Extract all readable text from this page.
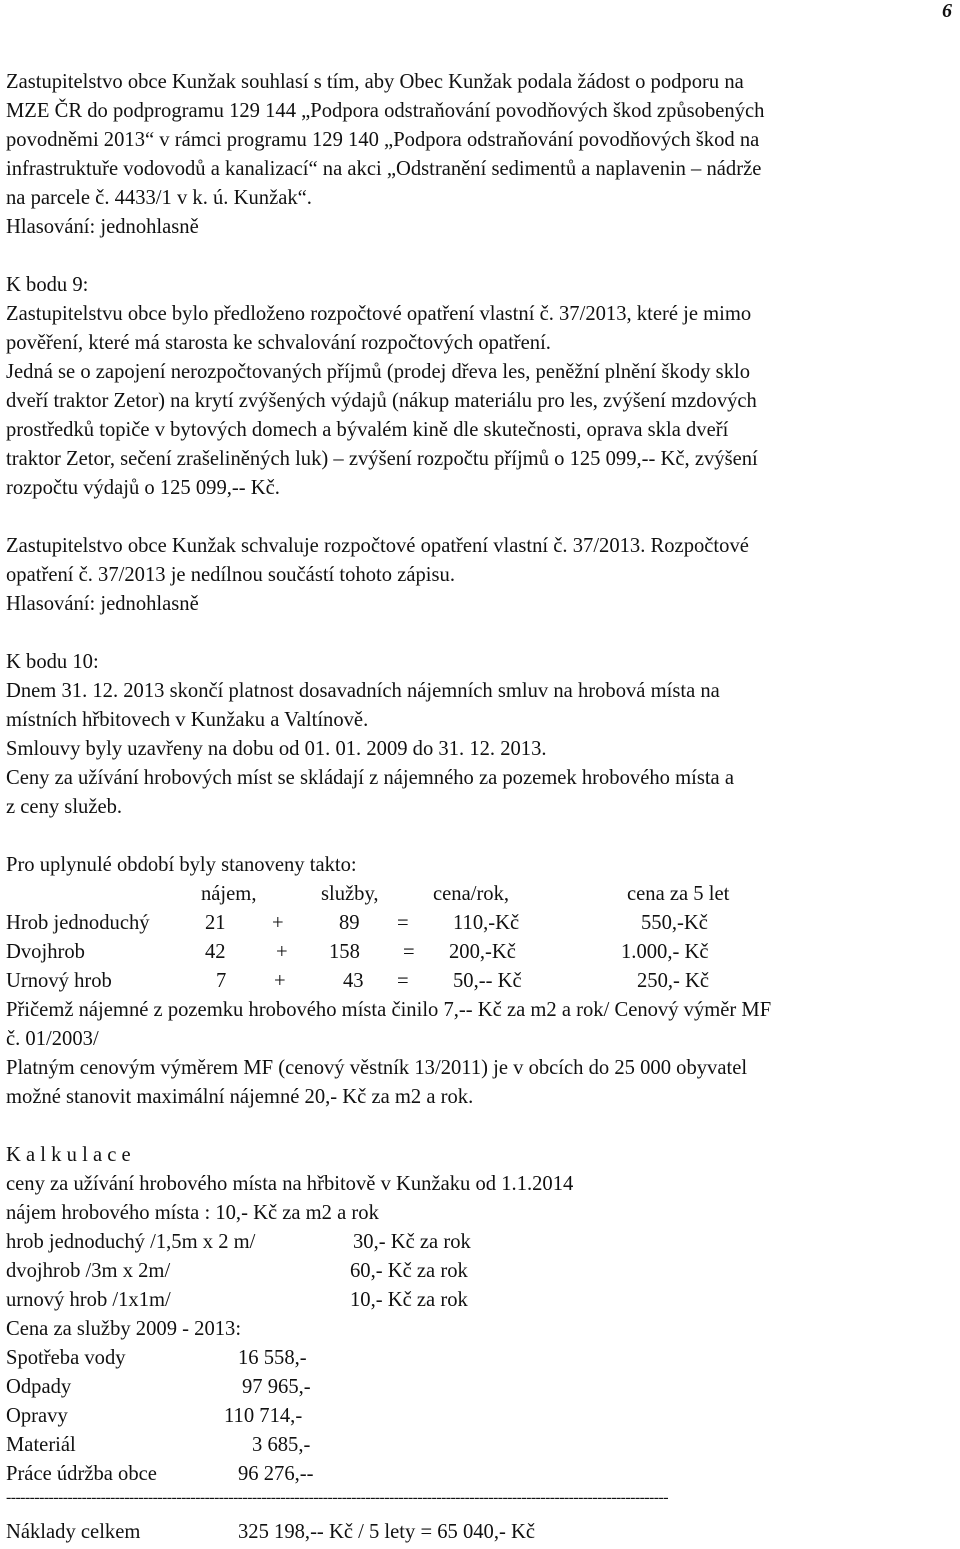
6
Zastupitelstvo obce Kunžak souhlasí s tím, aby Obec Kunžak podala žádost o podporu na
MZE ČR do podprogramu 129 144 „Podpora odstraňování povodňových škod způsobených
povodněmi 2013“ v rámci programu 129 140 „Podpora odstraňování povodňových škod na
infrastruktuře vodovodů a kanalizací“ na akci „Odstranění sedimentů a naplavenin – nádrže
na parcele č. 4433/1 v k. ú. Kunžak“.
Hlasování: jednohlasně
K bodu 9:
Zastupitelstvu obce bylo předloženo rozpočtové opatření vlastní č. 37/2013, které je mimo
pověření, které má starosta ke schvalování rozpočtových opatření.
Jedná se o zapojení nerozpočtovaných příjmů (prodej dřeva les, peněžní plnění škody sklo
dveří traktor Zetor) na krytí zvýšených výdajů (nákup materiálu pro les, zvýšení mzdových
prostředků topiče v bytových domech a bývalém kině dle skutečnosti, oprava skla dveří
traktor Zetor, sečení zrašeliněných luk) – zvýšení rozpočtu příjmů o 125 099,-- Kč, zvýšení
rozpočtu výdajů o 125 099,-- Kč.
Zastupitelstvo obce Kunžak schvaluje rozpočtové opatření vlastní č. 37/2013. Rozpočtové
opatření č. 37/2013 je nedílnou součástí tohoto zápisu.
Hlasování: jednohlasně
K bodu 10:
Dnem 31. 12. 2013 skončí platnost dosavadních nájemních smluv na hrobová místa na
místních hřbitovech v Kunžaku a Valtínově.
Smlouvy byly uzavřeny na dobu od 01. 01. 2009 do 31. 12. 2013.
Ceny za užívání hrobových míst se skládají z nájemného za pozemek hrobového místa a
z ceny služeb.
Pro uplynulé období byly stanoveny takto:
nájem,	služby,	cena/rok,	cena za 5 let
Hrob jednoduchý	21 +	89 = 110,-Kč	550,-Kč
Dvojhrob	42 + 158 = 200,-Kč	1.000,- Kč
Urnový hrob	7 +	43 = 50,-- Kč	250,- Kč
Přičemž nájemné z pozemku hrobového místa činilo 7,-- Kč za m2 a rok/ Cenový výměr MF
č. 01/2003/
Platným cenovým výměrem MF (cenový věstník 13/2011) je v obcích do 25 000 obyvatel
možné stanovit maximální nájemné 20,- Kč za m2 a rok.
K a l k u l a c e
ceny za užívání hrobového místa na hřbitově v Kunžaku od 1.1.2014
nájem hrobového místa : 10,- Kč za m2 a rok
hrob jednoduchý /1,5m x 2 m/	30,- Kč za rok
dvojhrob /3m x 2m/	60,- Kč za rok
urnový hrob /1x1m/	10,- Kč za rok
Cena za služby 2009 - 2013:
Spotřeba vody	16 558,-
Odpady	97 965,-
Opravy	110 714,-
Materiál	3 685,-
Práce údržba obce	96 276,--
--------------------------------------------------------------------------------------------------------------------------------------------
Náklady celkem	325 198,-- Kč / 5 lety = 65 040,- Kč
